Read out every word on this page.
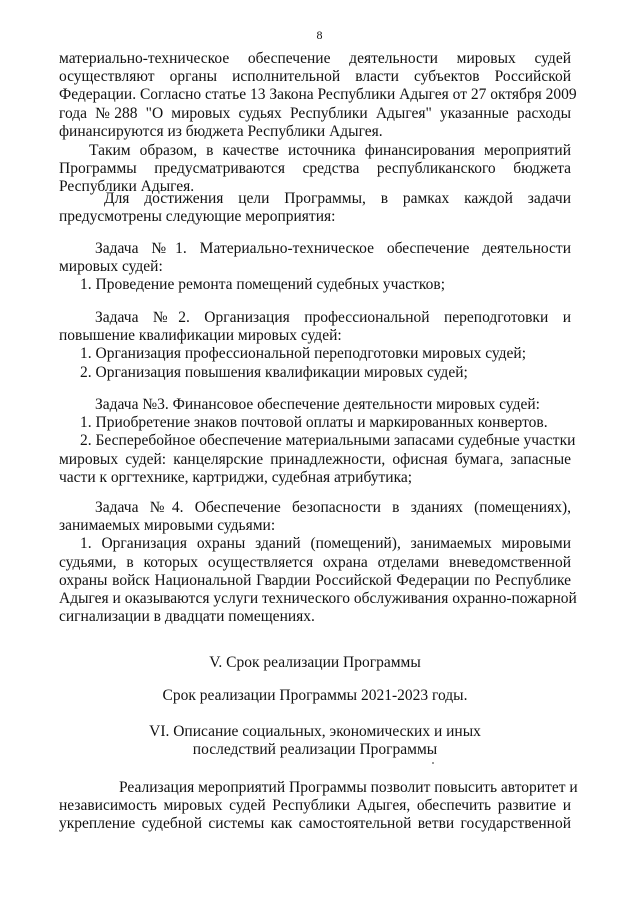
8
материально-техническое обеспечение деятельности мировых судей
осуществляют органы исполнительной власти субъектов Российской
Федерации. Согласно статье 13 Закона Республики Адыгея от 27 октября 2009
года №288 "О мировых судьях Республики Адыгея" указанные расходы
финансируются из бюджета Республики Адыгея.
Таким образом, в качестве источника финансирования мероприятий
Программы предусматриваются средства республиканского бюджета
Республики Адыгея.
Для достижения цели Программы, в рамках каждой задачи
предусмотрены следующие мероприятия:
Задача №1. Материально-техническое обеспечение деятельности
мировых судей:
1. Проведение ремонта помещений судебных участков;
Задача №2. Организация профессиональной переподготовки и
повышение квалификации мировых судей:
1. Организация профессиональной переподготовки мировых судей;
2. Организация повышения квалификации мировых судей;
Задача №3. Финансовое обеспечение деятельности мировых судей:
1. Приобретение знаков почтовой оплаты и маркированных конвертов.
2. Бесперебойное обеспечение материальными запасами судебные участки
мировых судей: канцелярские принадлежности, офисная бумага, запасные
части к оргтехнике, картриджи, судебная атрибутика;
Задача №4. Обеспечение безопасности в зданиях (помещениях),
занимаемых мировыми судьями:
1. Организация охраны зданий (помещений), занимаемых мировыми
судьями, в которых осуществляется охрана отделами вневедомственной
охраны войск Национальной Гвардии Российской Федерации по Республике
Адыгея и оказываются услуги технического обслуживания охранно-пожарной
сигнализации в двадцати помещениях.
V. Срок реализации Программы
Срок реализации Программы 2021-2023 годы.
VI. Описание социальных, экономических и иных
последствий реализации Программы
Реализация мероприятий Программы позволит повысить авторитет и
независимость мировых судей Республики Адыгея, обеспечить развитие и
укрепление судебной системы как самостоятельной ветви государственной
